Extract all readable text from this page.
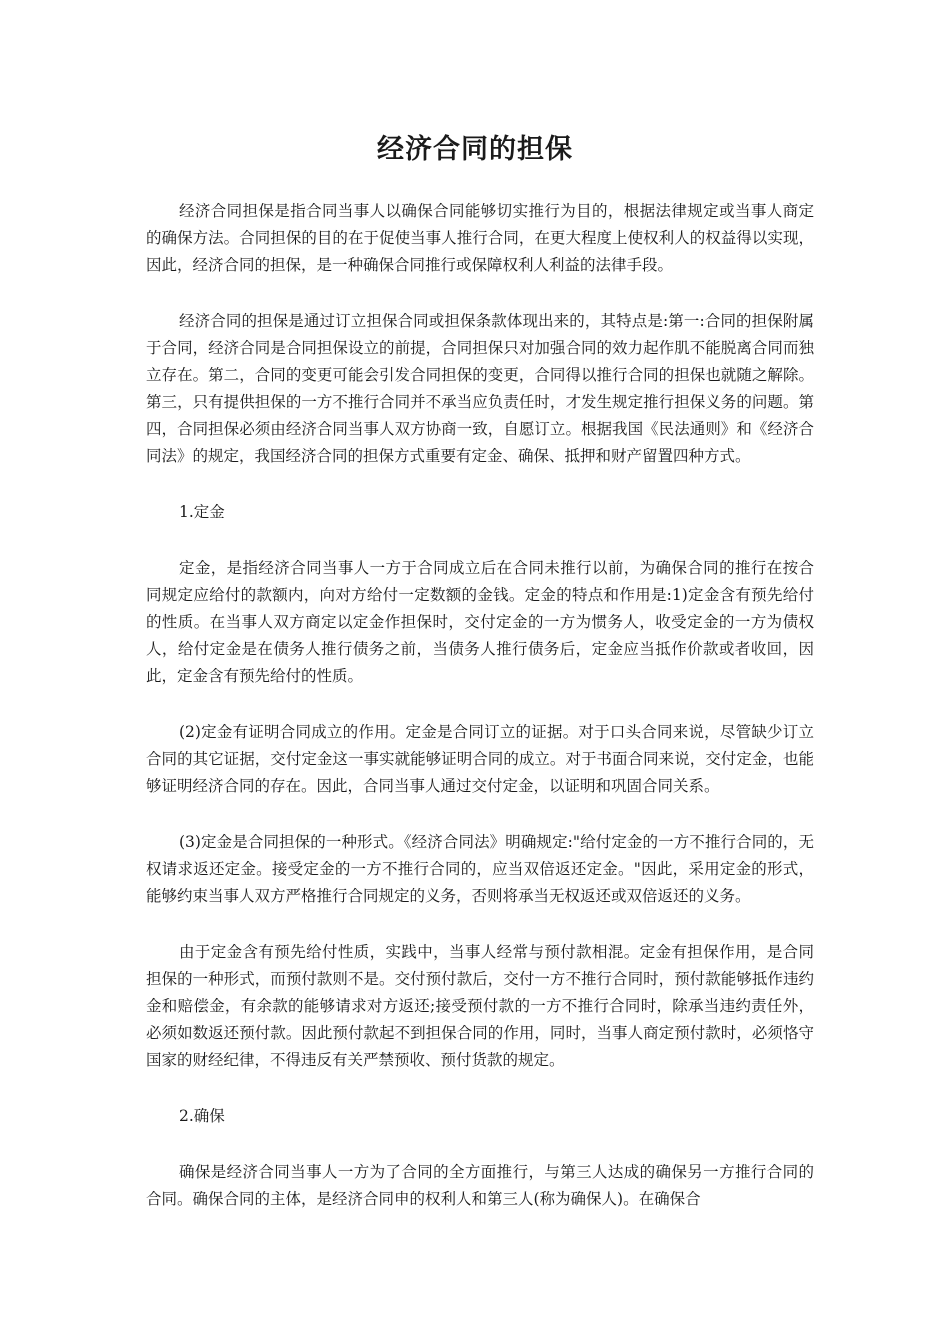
经济合同的担保

经济合同担保是指合同当事人以确保合同能够切实推行为目的，根据法律规定或当事人商定的确保方法。合同担保的目的在于促使当事人推行合同，在更大程度上使权利人的权益得以实现，因此，经济合同的担保，是一种确保合同推行或保障权利人利益的法律手段。

经济合同的担保是通过订立担保合同或担保条款体现出来的，其特点是:第一:合同的担保附属于合同，经济合同是合同担保设立的前提，合同担保只对加强合同的效力起作肌不能脱离合同而独立存在。第二，合同的变更可能会引发合同担保的变更，合同得以推行合同的担保也就随之解除。第三，只有提供担保的一方不推行合同并不承当应负责任时，才发生规定推行担保义务的问题。第四，合同担保必须由经济合同当事人双方协商一致，自愿订立。根据我国《民法通则》和《经济合同法》的规定，我国经济合同的担保方式重要有定金、确保、抵押和财产留置四种方式。

1.定金

定金，是指经济合同当事人一方于合同成立后在合同未推行以前，为确保合同的推行在按合同规定应给付的款额内，向对方给付一定数额的金钱。定金的特点和作用是:1)定金含有预先给付的性质。在当事人双方商定以定金作担保时，交付定金的一方为惯务人，收受定金的一方为债权人，给付定金是在债务人推行债务之前，当债务人推行债务后，定金应当抵作价款或者收回，因此，定金含有预先给付的性质。

(2)定金有证明合同成立的作用。定金是合同订立的证据。对于口头合同来说，尽管缺少订立合同的其它证据，交付定金这一事实就能够证明合同的成立。对于书面合同来说，交付定金，也能够证明经济合同的存在。因此，合同当事人通过交付定金，以证明和巩固合同关系。

(3)定金是合同担保的一种形式。《经济合同法》明确规定:"给付定金的一方不推行合同的，无权请求返还定金。接受定金的一方不推行合同的，应当双倍返还定金。"因此，采用定金的形式，能够约束当事人双方严格推行合同规定的义务，否则将承当无权返还或双倍返还的义务。

由于定金含有预先给付性质，实践中，当事人经常与预付款相混。定金有担保作用，是合同担保的一种形式，而预付款则不是。交付预付款后，交付一方不推行合同时，预付款能够抵作违约金和赔偿金，有余款的能够请求对方返还;接受预付款的一方不推行合同时，除承当违约责任外，必须如数返还预付款。因此预付款起不到担保合同的作用，同时，当事人商定预付款时，必须恪守国家的财经纪律，不得违反有关严禁预收、预付货款的规定。

2.确保

确保是经济合同当事人一方为了合同的全方面推行，与第三人达成的确保另一方推行合同的合同。确保合同的主体，是经济合同申的权利人和第三人(称为确保人)。在确保合
